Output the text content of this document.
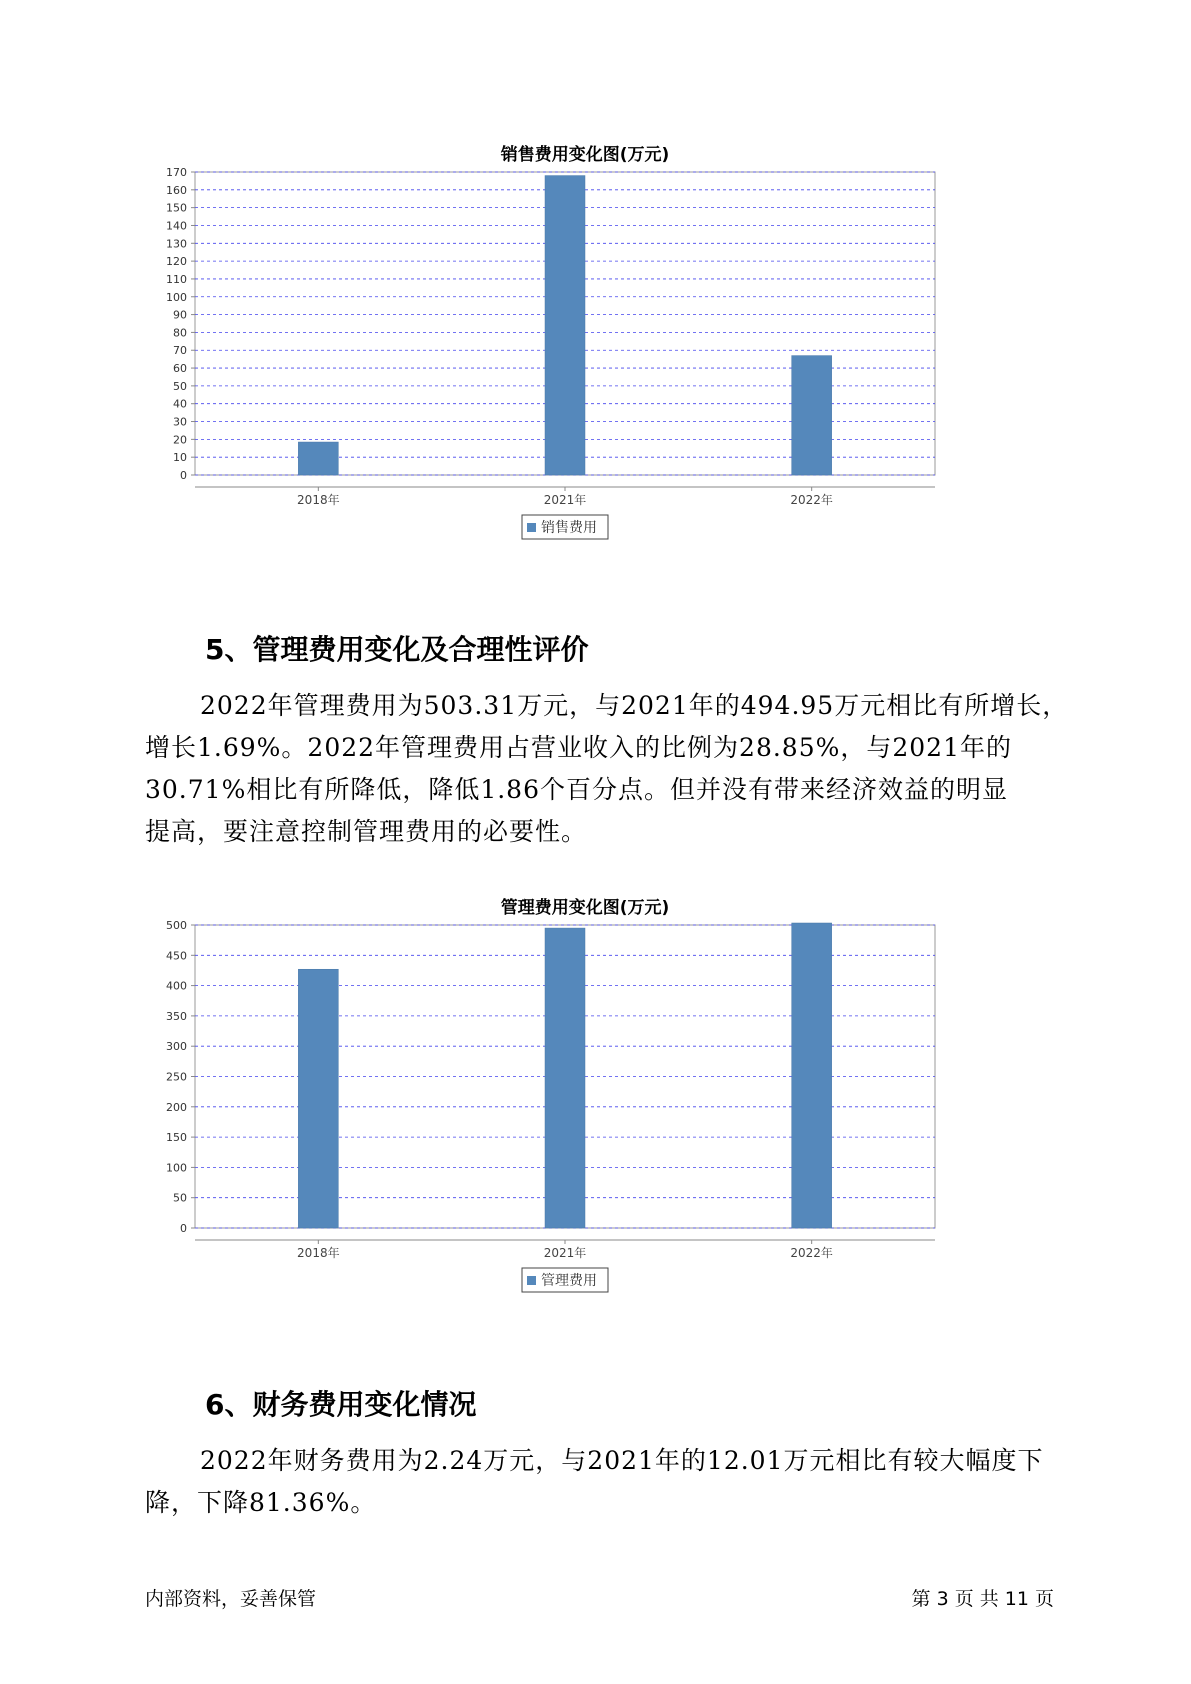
销售费用变化图(万元)
0
10
20
30
40
50
60
70
80
90
100
110
120
130
140
150
160
170
2018年	2021年	2022年
销售费用
5、管理费用变化及合理性评价
2022年管理费用为503.31万元，与2021年的494.95万元相比有所增长，
增长1.69%。2022年管理费用占营业收入的比例为28.85%，与2021年的
30.71%相比有所降低，降低1.86个百分点。但并没有带来经济效益的明显
提高，要注意控制管理费用的必要性。
管理费用变化图(万元)
0
50
100
150
200
250
300
350
400
450
500
2018年	2021年	2022年
管理费用
6、财务费用变化情况
2022年财务费用为2.24万元，与2021年的12.01万元相比有较大幅度下
降，下降81.36%。
内部资料，妥善保管	第 3 页 共 11 页
